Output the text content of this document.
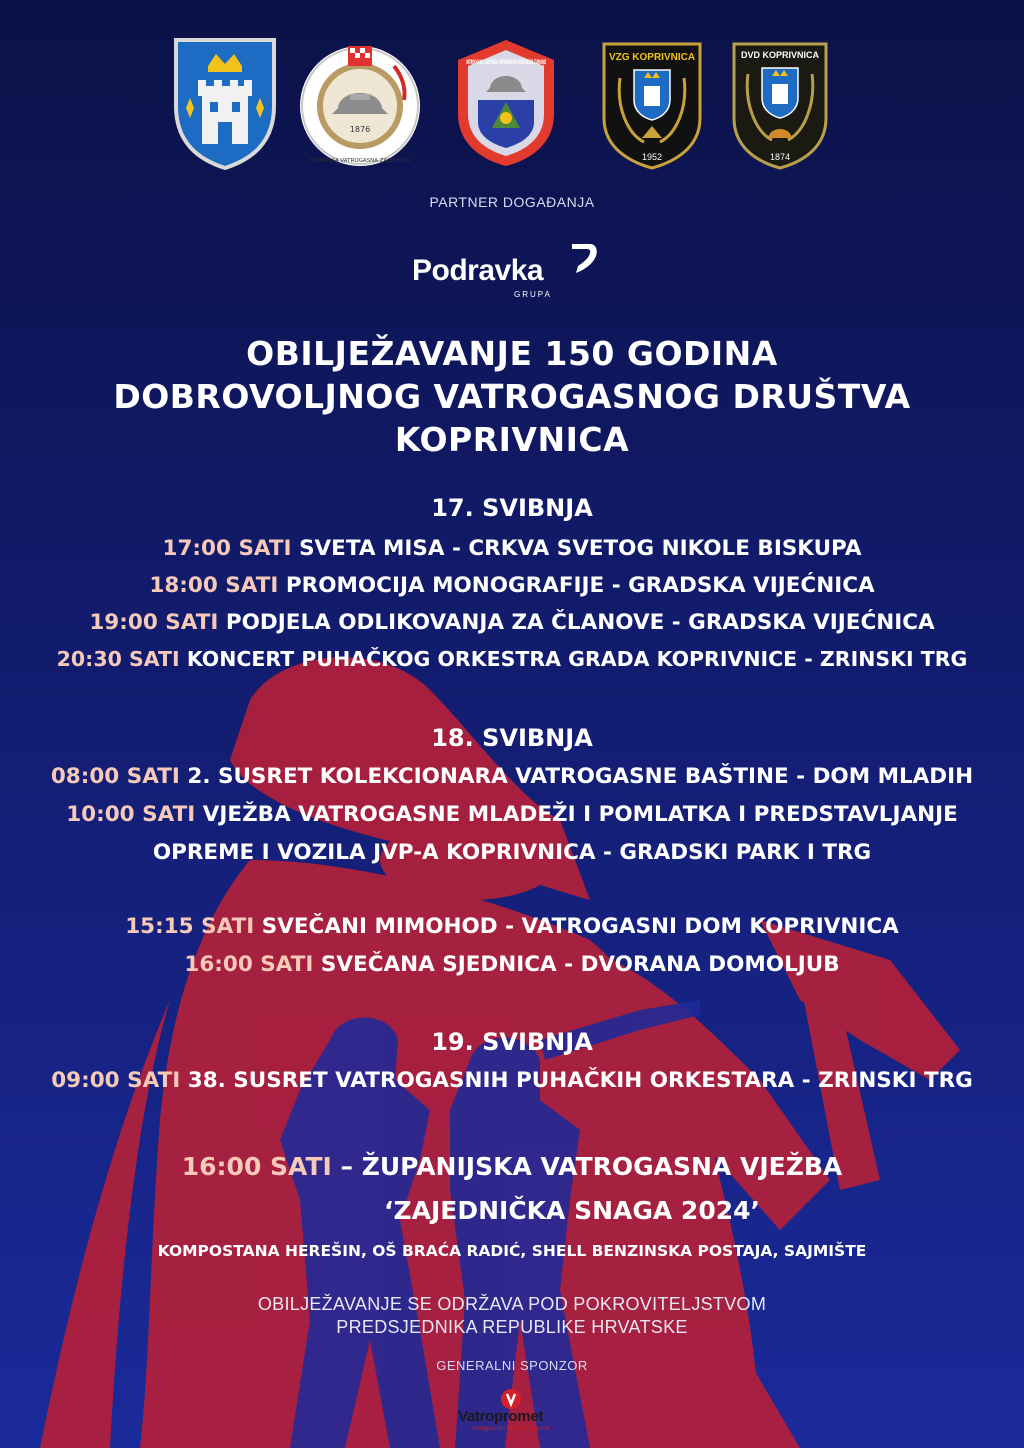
1876
HRVATSKA VATROGASNA ZAJEDNICA
VATROGASNA ZAJEDNICA KOPRIVNIČKO-KRIŽEVAČKE ŽUPANIJE
VZG KOPRIVNICA
1952
DVD KOPRIVNICA
1874
PARTNER DOGAĐANJA
Podravka
GRUPA
OBILJEŽAVANJE 150 GODINA
DOBROVOLJNOG VATROGASNOG DRUŠTVA
KOPRIVNICA
17. SVIBNJA
17:00 SATI SVETA MISA - CRKVA SVETOG NIKOLE BISKUPA
18:00 SATI PROMOCIJA MONOGRAFIJE - GRADSKA VIJEĆNICA
19:00 SATI PODJELA ODLIKOVANJA ZA ČLANOVE - GRADSKA VIJEĆNICA
20:30 SATI KONCERT PUHAČKOG ORKESTRA GRADA KOPRIVNICE - ZRINSKI TRG
18. SVIBNJA
08:00 SATI 2. SUSRET KOLEKCIONARA VATROGASNE BAŠTINE - DOM MLADIH
10:00 SATI VJEŽBA VATROGASNE MLADEŽI I POMLATKA I PREDSTAVLJANJE
OPREME I VOZILA JVP-A KOPRIVNICA - GRADSKI PARK I TRG
15:15 SATI SVEČANI MIMOHOD - VATROGASNI DOM KOPRIVNICA
16:00 SATI SVEČANA SJEDNICA - DVORANA DOMOLJUB
19. SVIBNJA
09:00 SATI 38. SUSRET VATROGASNIH PUHAČKIH ORKESTARA - ZRINSKI TRG
16:00 SATI – ŽUPANIJSKA VATROGASNA VJEŽBA
‘ZAJEDNIČKA SNAGA 2024’
KOMPOSTANA HEREŠIN, OŠ BRAĆA RADIĆ, SHELL BENZINSKA POSTAJA, SAJMIŠTE
OBILJEŽAVANJE SE ODRŽAVA POD POKROVITELJSTVOM
PREDSJEDNIKA REPUBLIKE HRVATSKE
GENERALNI SPONZOR
Vatropromet
vatrogasna i zaštitna oprema
